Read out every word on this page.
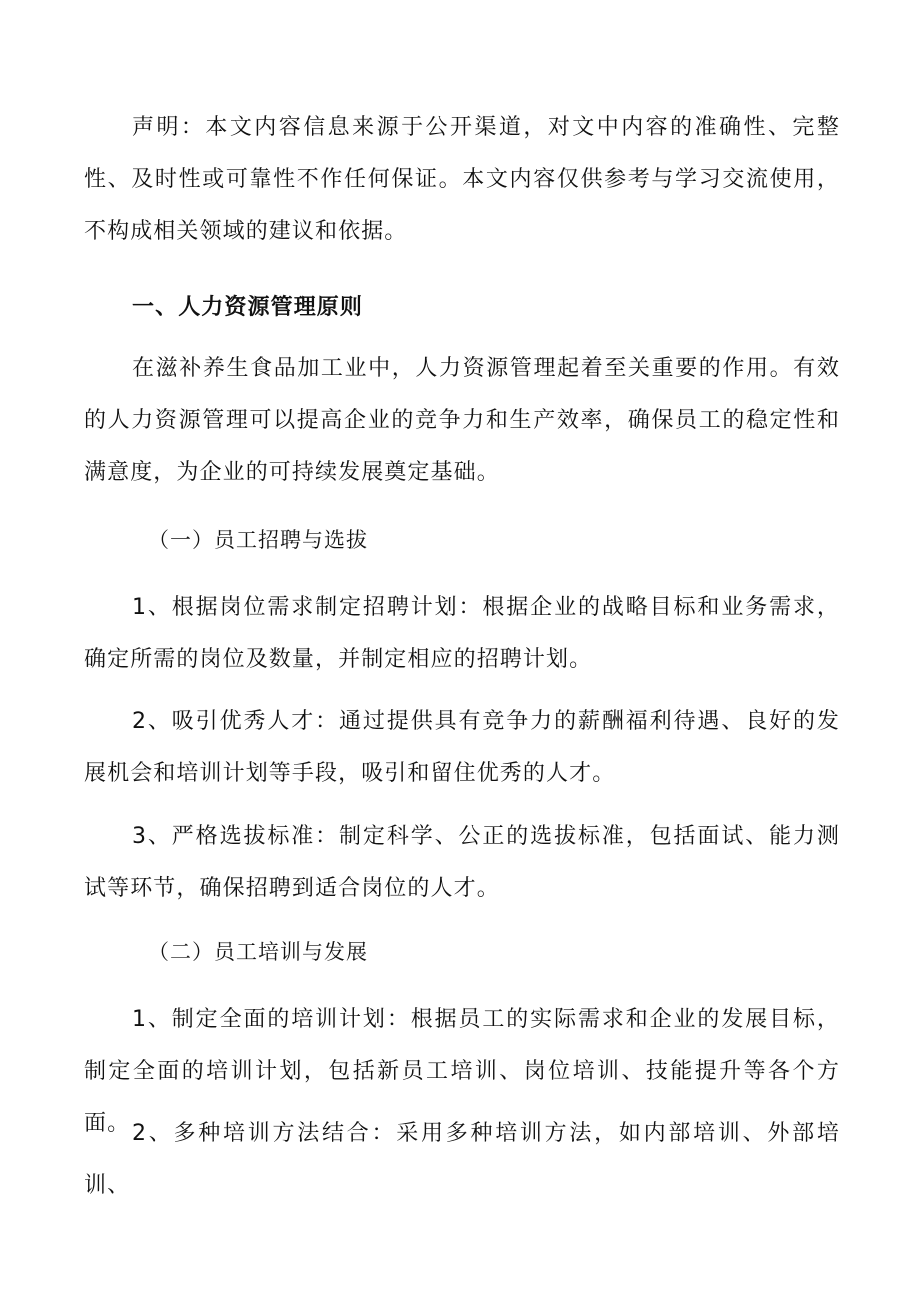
声明：本文内容信息来源于公开渠道，对文中内容的准确性、完整性、及时性或可靠性不作任何保证。本文内容仅供参考与学习交流使用，不构成相关领域的建议和依据。

一、人力资源管理原则

在滋补养生食品加工业中，人力资源管理起着至关重要的作用。有效的人力资源管理可以提高企业的竞争力和生产效率，确保员工的稳定性和满意度，为企业的可持续发展奠定基础。

（一）员工招聘与选拔

1、根据岗位需求制定招聘计划：根据企业的战略目标和业务需求，确定所需的岗位及数量，并制定相应的招聘计划。

2、吸引优秀人才：通过提供具有竞争力的薪酬福利待遇、良好的发展机会和培训计划等手段，吸引和留住优秀的人才。

3、严格选拔标准：制定科学、公正的选拔标准，包括面试、能力测试等环节，确保招聘到适合岗位的人才。

（二）员工培训与发展

1、制定全面的培训计划：根据员工的实际需求和企业的发展目标，制定全面的培训计划，包括新员工培训、岗位培训、技能提升等各个方面。 2、多种培训方法结合：采用多种培训方法，如内部培训、外部培训、
